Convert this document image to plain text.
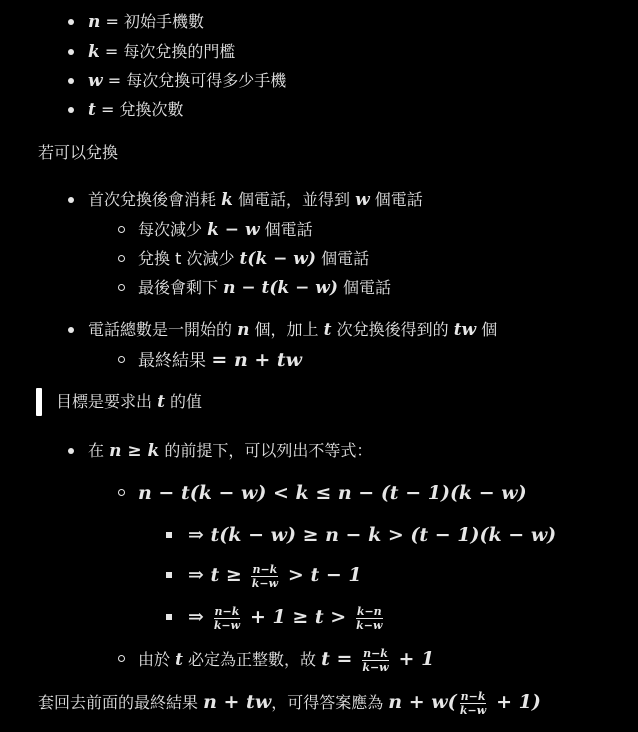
n = 初始手機數
k = 每次兌換的門檻
w = 每次兌換可得多少手機
t = 兌換次數
若可以兌換
首次兌換後會消耗 k 個電話，並得到 w 個電話
每次減少 k − w 個電話
兌換 t 次減少 t(k − w) 個電話
最後會剩下 n − t(k − w) 個電話
電話總數是一開始的 n 個，加上 t 次兌換後得到的 tw 個
最終結果 = n + tw
目標是要求出 t 的值
在 n ≥ k 的前提下，可以列出不等式：
n − t(k − w) < k ≤ n − (t − 1)(k − w)
⇒ t(k − w) ≥ n − k > (t − 1)(k − w)
⇒ $t \ge \frac{n-k}{k-w} > t - 1$
⇒ $\frac{n-k}{k-w} + 1 \ge t > \frac{k-n}{k-w}$
由於 t 必定為正整數，故 $t = \frac{n-k}{k-w} + 1$
套回去前面的最終結果 n + tw，可得答案應為 $n + w( \frac{n-k}{k-w} + 1)$
